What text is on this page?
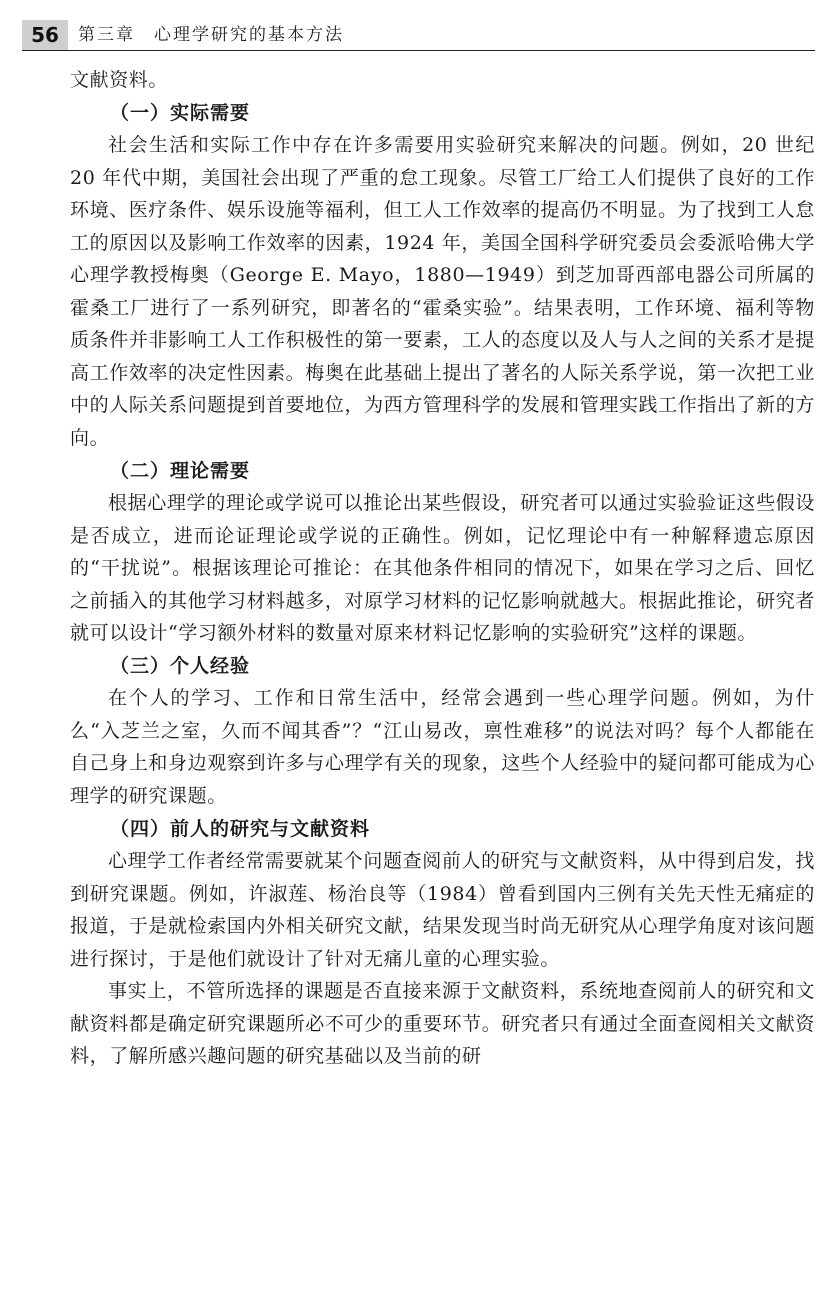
56	第三章　心理学研究的基本方法

文献资料。

（一）实际需要

社会生活和实际工作中存在许多需要用实验研究来解决的问题。例如，20 世纪 20 年代中期，美国社会出现了严重的怠工现象。尽管工厂给工人们提供了良好的工作环境、医疗条件、娱乐设施等福利，但工人工作效率的提高仍不明显。为了找到工人怠工的原因以及影响工作效率的因素，1924 年，美国全国科学研究委员会委派哈佛大学心理学教授梅奥（George E. Mayo，1880—1949）到芝加哥西部电器公司所属的霍桑工厂进行了一系列研究，即著名的“霍桑实验”。结果表明，工作环境、福利等物质条件并非影响工人工作积极性的第一要素，工人的态度以及人与人之间的关系才是提高工作效率的决定性因素。梅奥在此基础上提出了著名的人际关系学说，第一次把工业中的人际关系问题提到首要地位，为西方管理科学的发展和管理实践工作指出了新的方向。

（二）理论需要

根据心理学的理论或学说可以推论出某些假设，研究者可以通过实验验证这些假设是否成立，进而论证理论或学说的正确性。例如，记忆理论中有一种解释遗忘原因的“干扰说”。根据该理论可推论：在其他条件相同的情况下，如果在学习之后、回忆之前插入的其他学习材料越多，对原学习材料的记忆影响就越大。根据此推论，研究者就可以设计“学习额外材料的数量对原来材料记忆影响的实验研究”这样的课题。

（三）个人经验

在个人的学习、工作和日常生活中，经常会遇到一些心理学问题。例如，为什么“入芝兰之室，久而不闻其香”？“江山易改，禀性难移”的说法对吗？每个人都能在自己身上和身边观察到许多与心理学有关的现象，这些个人经验中的疑问都可能成为心理学的研究课题。

（四）前人的研究与文献资料

心理学工作者经常需要就某个问题查阅前人的研究与文献资料，从中得到启发，找到研究课题。例如，许淑莲、杨治良等（1984）曾看到国内三例有关先天性无痛症的报道，于是就检索国内外相关研究文献，结果发现当时尚无研究从心理学角度对该问题进行探讨，于是他们就设计了针对无痛儿童的心理实验。

事实上，不管所选择的课题是否直接来源于文献资料，系统地查阅前人的研究和文献资料都是确定研究课题所必不可少的重要环节。研究者只有通过全面查阅相关文献资料，了解所感兴趣问题的研究基础以及当前的研
